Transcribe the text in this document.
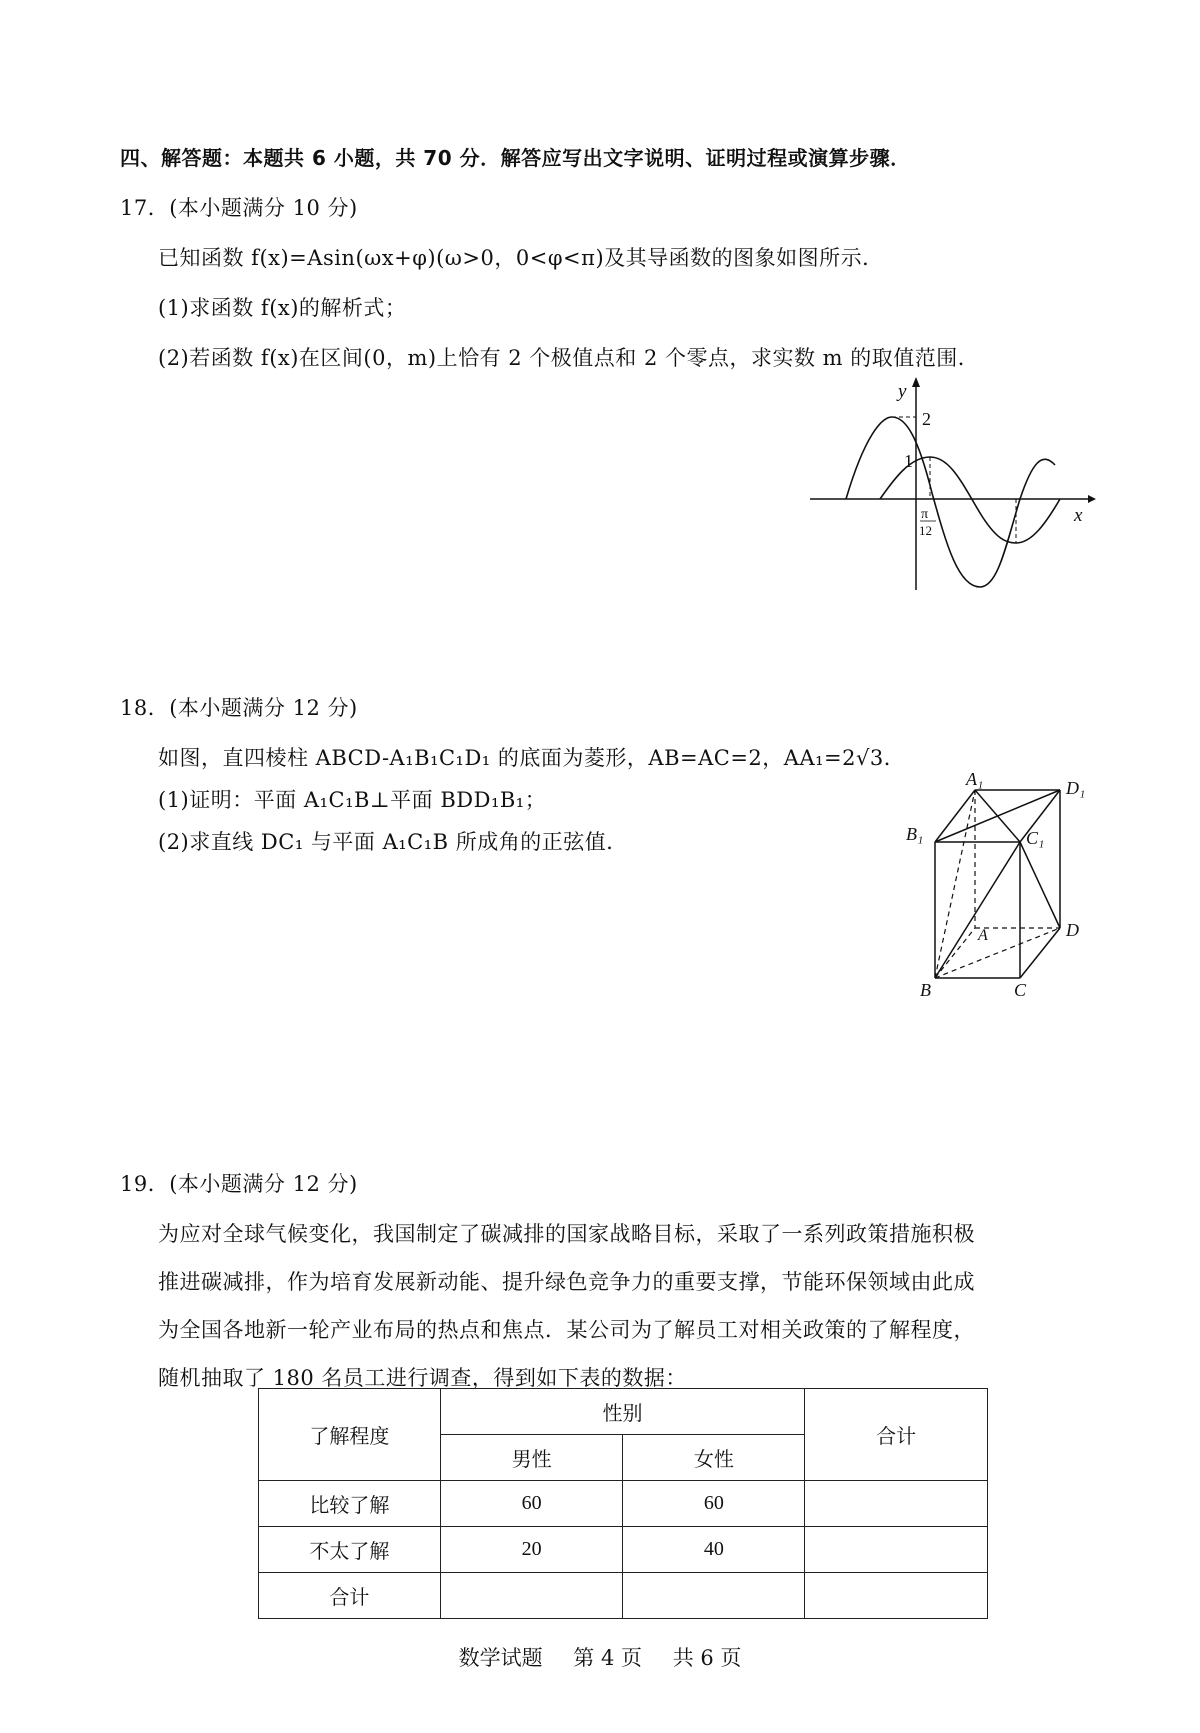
四、解答题：本题共 6 小题，共 70 分．解答应写出文字说明、证明过程或演算步骤．
17．(本小题满分 10 分)
已知函数 f(x)=Asin(ωx+φ)(ω>0，0<φ<π)及其导函数的图象如图所示．
(1)求函数 f(x)的解析式；
(2)若函数 f(x)在区间(0，m)上恰有 2 个极值点和 2 个零点，求实数 m 的取值范围．
y
x
2
1
π
12
18．(本小题满分 12 分)
如图，直四棱柱 ABCD-A₁B₁C₁D₁ 的底面为菱形，AB=AC=2，AA₁=2√3．
(1)证明：平面 A₁C₁B⊥平面 BDD₁B₁；
(2)求直线 DC₁ 与平面 A₁C₁B 所成角的正弦值．
A₁	D₁
B₁	C₁
A	D
B	C
19．(本小题满分 12 分)
为应对全球气候变化，我国制定了碳减排的国家战略目标，采取了一系列政策措施积极
推进碳减排，作为培育发展新动能、提升绿色竞争力的重要支撑，节能环保领域由此成
为全国各地新一轮产业布局的热点和焦点．某公司为了解员工对相关政策的了解程度，
随机抽取了 180 名员工进行调查，得到如下表的数据：
了解程度	性别		合计
	男性	女性	
比较了解	60	60	
不太了解	20	40	
合计			
数学试题 第 4 页 共 6 页
